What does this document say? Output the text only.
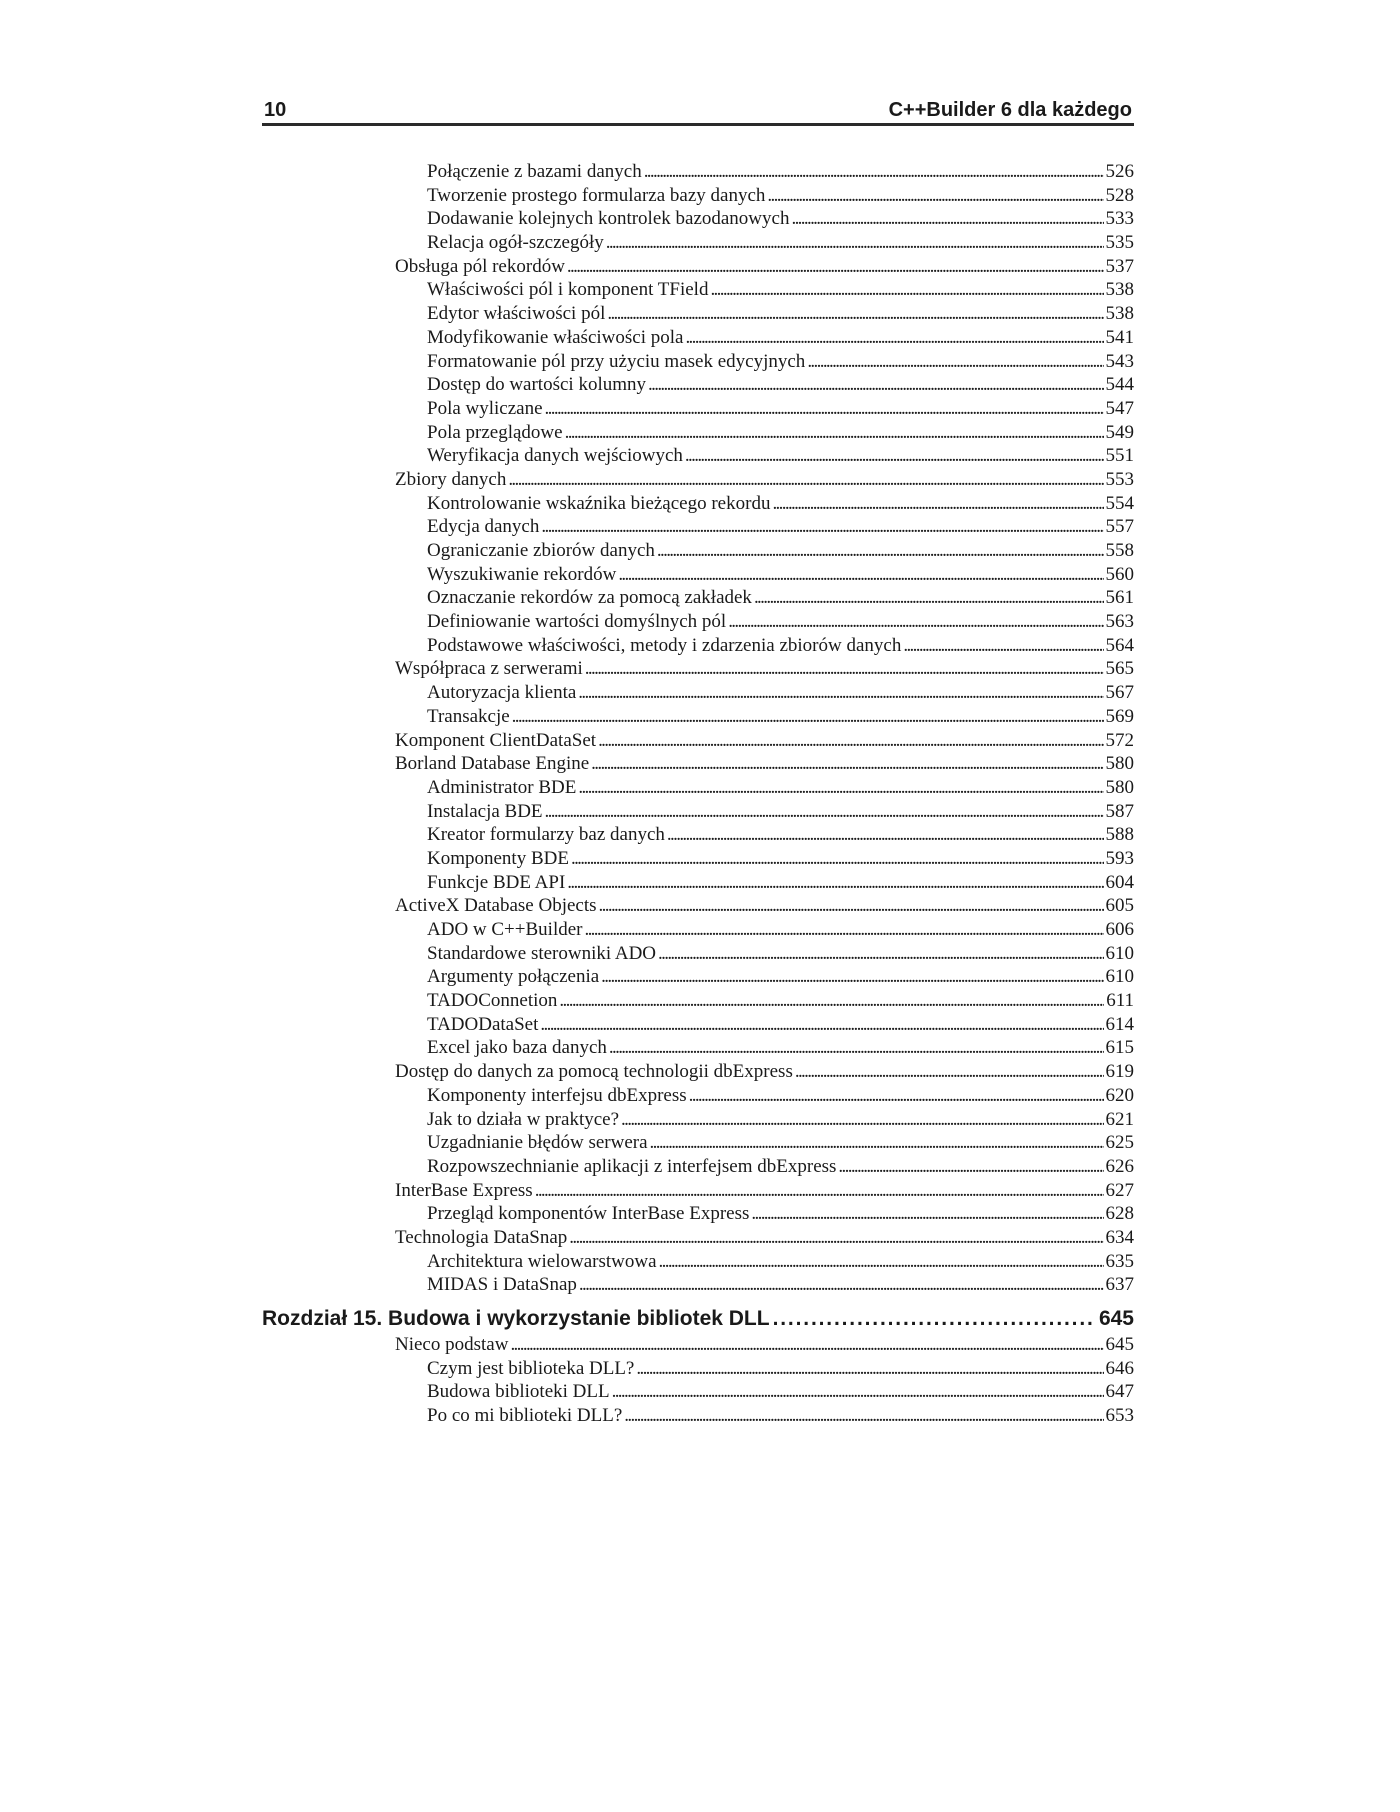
10	C++Builder 6 dla każdego
Połączenie z bazami danych . . .	526
Tworzenie prostego formularza bazy danych . . .	528
Dodawanie kolejnych kontrolek bazodanowych . . .	533
Relacja ogół-szczegóły . . .	535
Obsługa pól rekordów . . .	537
Właściwości pól i komponent TField . . .	538
Edytor właściwości pól . . .	538
Modyfikowanie właściwości pola . . .	541
Formatowanie pól przy użyciu masek edycyjnych . . .	543
Dostęp do wartości kolumny . . .	544
Pola wyliczane . . .	547
Pola przeglądowe . . .	549
Weryfikacja danych wejściowych . . .	551
Zbiory danych . . .	553
Kontrolowanie wskaźnika bieżącego rekordu . . .	554
Edycja danych . . .	557
Ograniczanie zbiorów danych . . .	558
Wyszukiwanie rekordów . . .	560
Oznaczanie rekordów za pomocą zakładek . . .	561
Definiowanie wartości domyślnych pól . . .	563
Podstawowe właściwości, metody i zdarzenia zbiorów danych . . .	564
Współpraca z serwerami . . .	565
Autoryzacja klienta . . .	567
Transakcje . . .	569
Komponent ClientDataSet . . .	572
Borland Database Engine . . .	580
Administrator BDE . . .	580
Instalacja BDE . . .	587
Kreator formularzy baz danych . . .	588
Komponenty BDE . . .	593
Funkcje BDE API . . .	604
ActiveX Database Objects . . .	605
ADO w C++Builder . . .	606
Standardowe sterowniki ADO . . .	610
Argumenty połączenia . . .	610
TADOConnetion . . .	611
TADODataSet . . .	614
Excel jako baza danych . . .	615
Dostęp do danych za pomocą technologii dbExpress . . .	619
Komponenty interfejsu dbExpress . . .	620
Jak to działa w praktyce? . . .	621
Uzgadnianie błędów serwera . . .	625
Rozpowszechnianie aplikacji z interfejsem dbExpress . . .	626
InterBase Express . . .	627
Przegląd komponentów InterBase Express . . .	628
Technologia DataSnap . . .	634
Architektura wielowarstwowa . . .	635
MIDAS i DataSnap . . .	637
Rozdział 15. Budowa i wykorzystanie bibliotek DLL . . .	645
Nieco podstaw . . .	645
Czym jest biblioteka DLL? . . .	646
Budowa biblioteki DLL . . .	647
Po co mi biblioteki DLL? . . .	653
